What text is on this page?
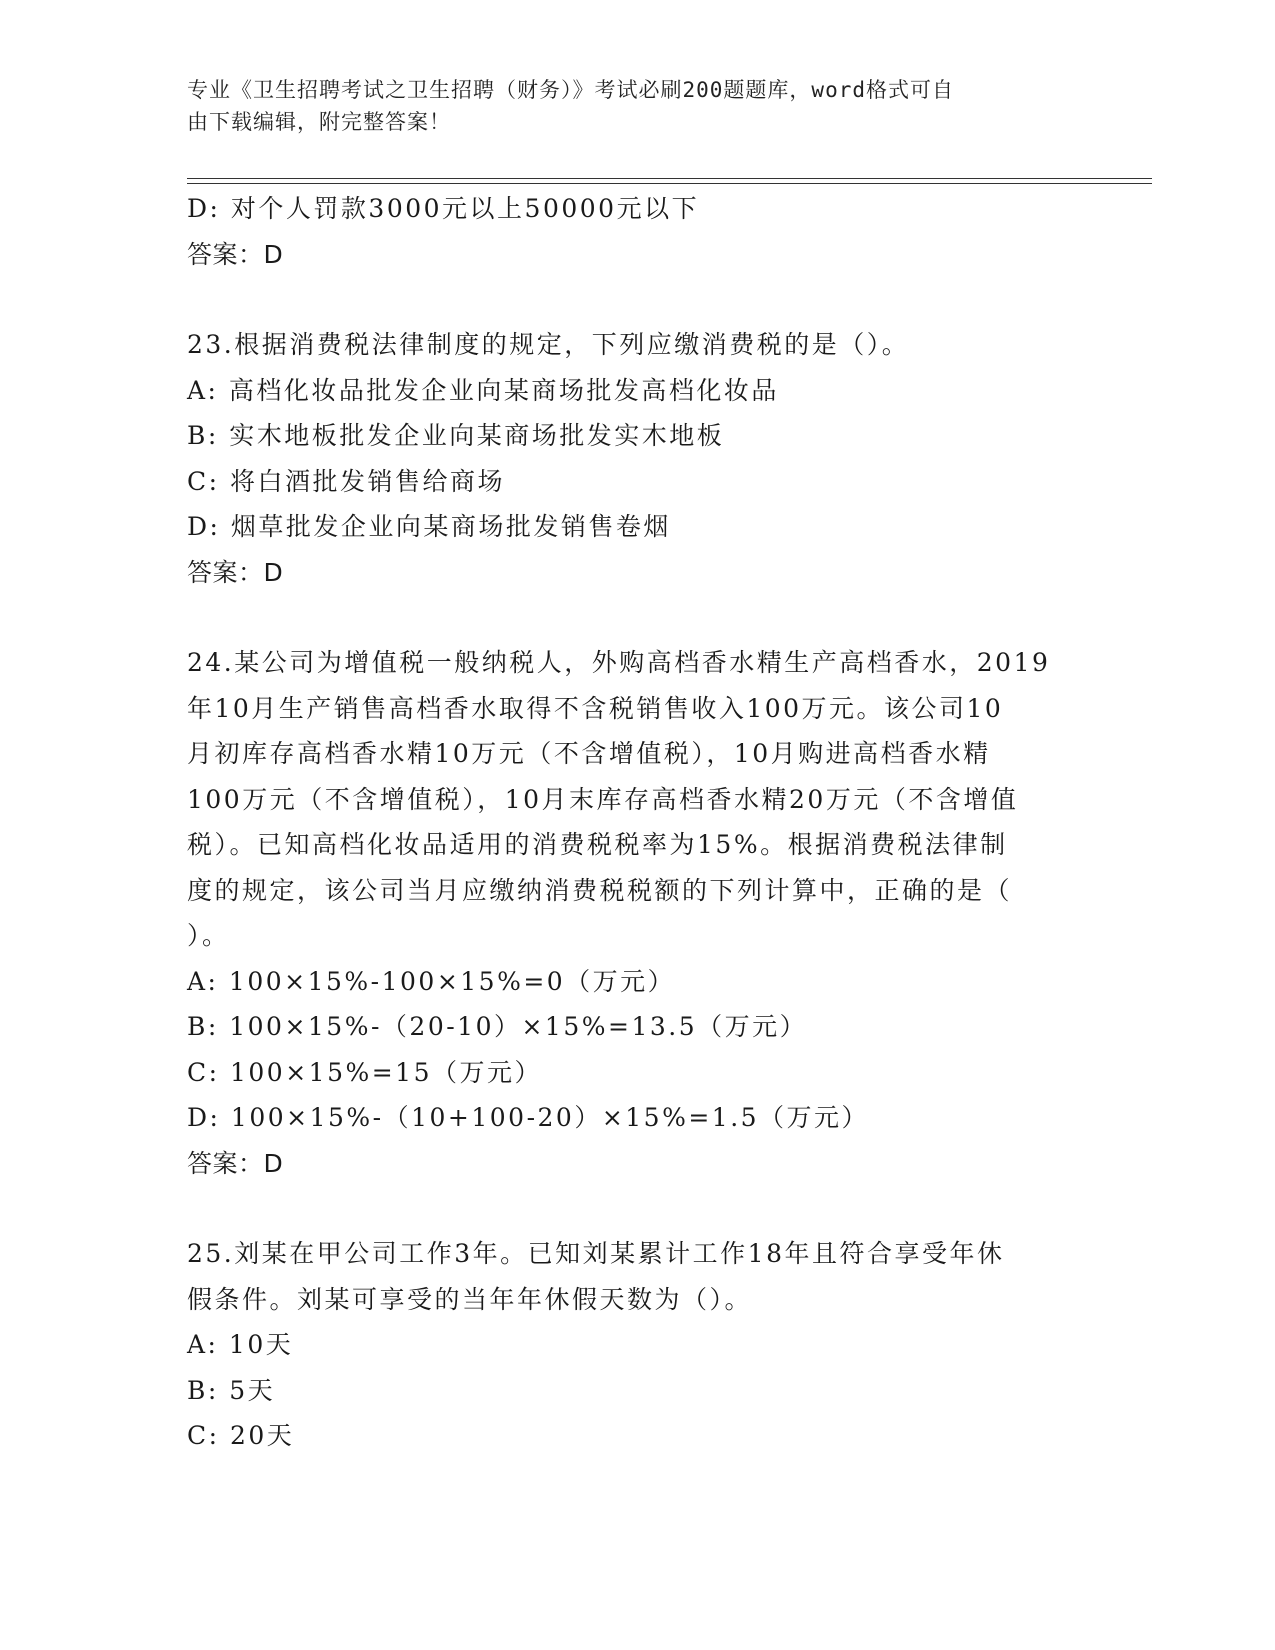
专业《卫生招聘考试之卫生招聘（财务）》考试必刷200题题库，word格式可自
由下载编辑，附完整答案！
D: 对个人罚款3000元以上50000元以下
答案：D
23.根据消费税法律制度的规定，下列应缴消费税的是（）。
A: 高档化妆品批发企业向某商场批发高档化妆品
B: 实木地板批发企业向某商场批发实木地板
C: 将白酒批发销售给商场
D: 烟草批发企业向某商场批发销售卷烟
答案：D
24.某公司为增值税一般纳税人，外购高档香水精生产高档香水，2019
年10月生产销售高档香水取得不含税销售收入100万元。该公司10
月初库存高档香水精10万元（不含增值税），10月购进高档香水精
100万元（不含增值税），10月末库存高档香水精20万元（不含增值
税）。已知高档化妆品适用的消费税税率为15%。根据消费税法律制
度的规定，该公司当月应缴纳消费税税额的下列计算中，正确的是（
）。
A: 100×15%-100×15%=0（万元）
B: 100×15%-（20-10）×15%=13.5（万元）
C: 100×15%=15（万元）
D: 100×15%-（10+100-20）×15%=1.5（万元）
答案：D
25.刘某在甲公司工作3年。已知刘某累计工作18年且符合享受年休
假条件。刘某可享受的当年年休假天数为（）。
A: 10天
B: 5天
C: 20天
